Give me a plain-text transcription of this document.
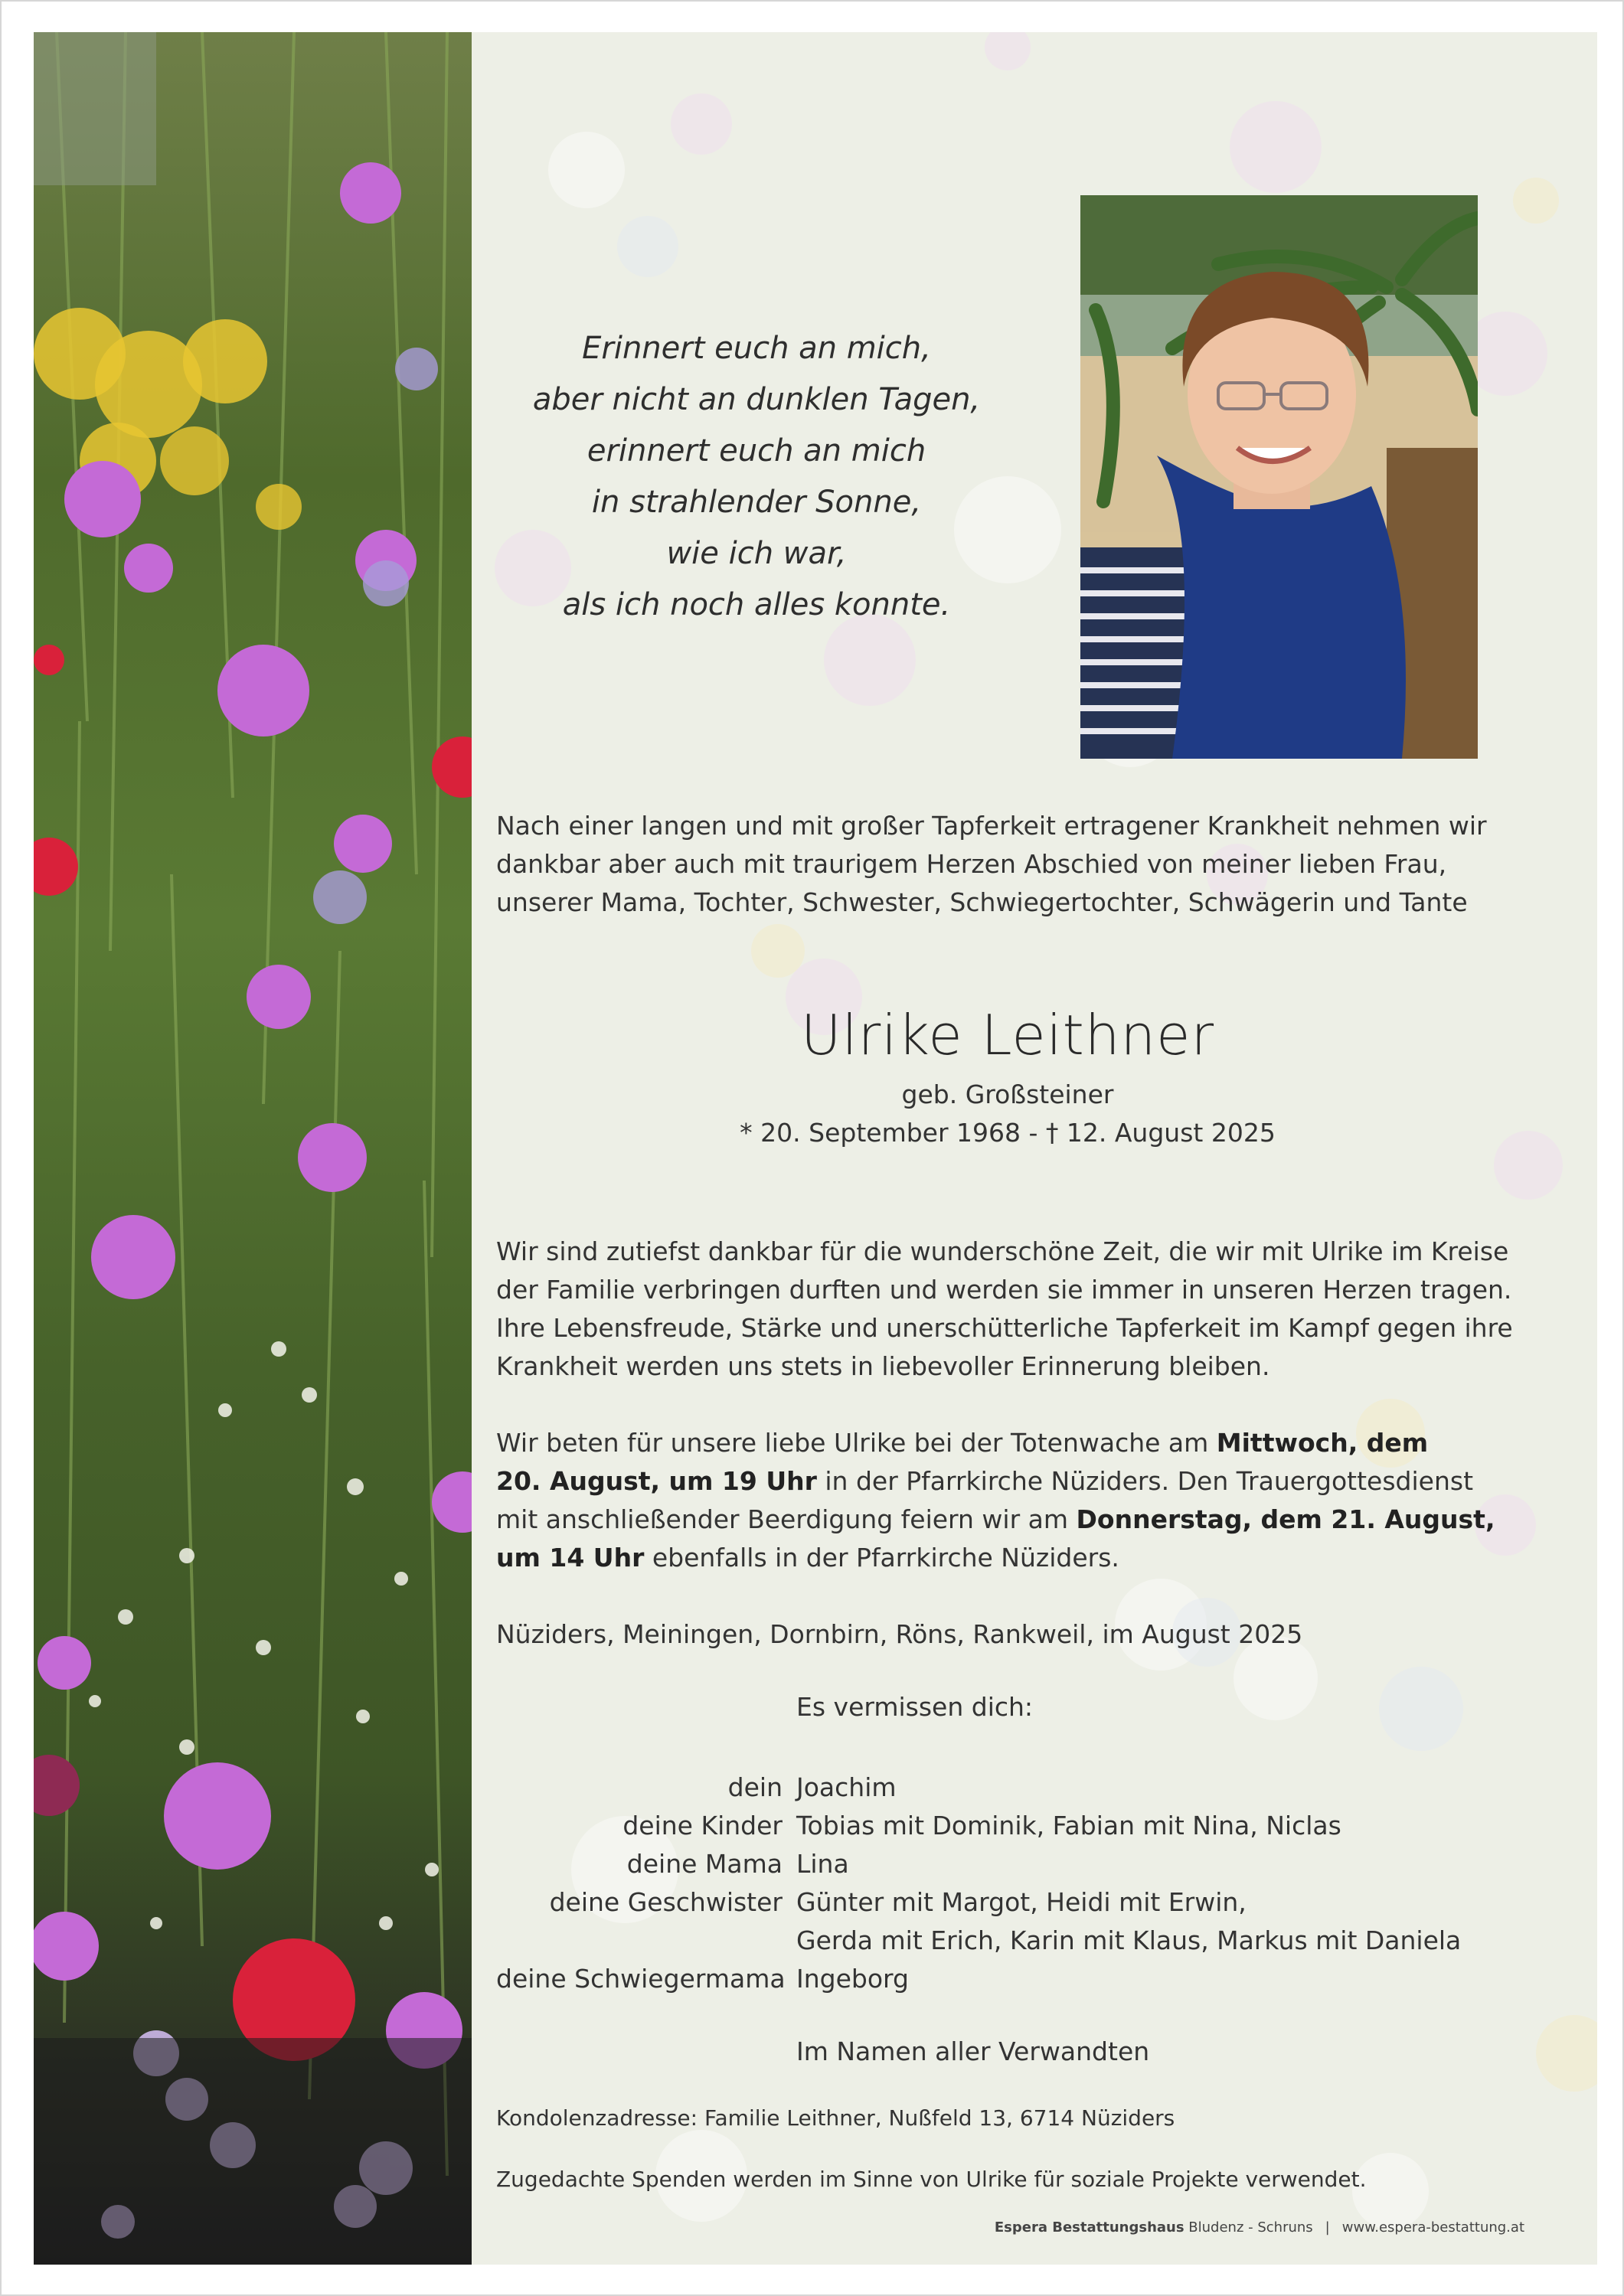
Erinnert euch an mich,
aber nicht an dunklen Tagen,
erinnert euch an mich
in strahlender Sonne,
wie ich war,
als ich noch alles konnte.
Nach einer langen und mit großer Tapferkeit ertragener Krankheit nehmen wir
dankbar aber auch mit traurigem Herzen Abschied von meiner lieben Frau,
unserer Mama, Tochter, Schwester, Schwiegertochter, Schwägerin und Tante
Ulrike Leithner
geb. Großsteiner
* 20. September 1968 - † 12. August 2025
Wir sind zutiefst dankbar für die wunderschöne Zeit, die wir mit Ulrike im Kreise
der Familie verbringen durften und werden sie immer in unseren Herzen tragen.
Ihre Lebensfreude, Stärke und unerschütterliche Tapferkeit im Kampf gegen ihre
Krankheit werden uns stets in liebevoller Erinnerung bleiben.
Wir beten für unsere liebe Ulrike bei der Totenwache am Mittwoch, dem
20. August, um 19 Uhr in der Pfarrkirche Nüziders. Den Trauergottesdienst
mit anschließender Beerdigung feiern wir am Donnerstag, dem 21. August,
um 14 Uhr ebenfalls in der Pfarrkirche Nüziders.
Nüziders, Meiningen, Dornbirn, Röns, Rankweil, im August 2025
Es vermissen dich:
dein Joachim
deine Kinder Tobias mit Dominik, Fabian mit Nina, Niclas
deine Mama Lina
deine Geschwister Günter mit Margot, Heidi mit Erwin,
Gerda mit Erich, Karin mit Klaus, Markus mit Daniela
deine Schwiegermama Ingeborg
Im Namen aller Verwandten
Kondolenzadresse: Familie Leithner, Nußfeld 13, 6714 Nüziders
Zugedachte Spenden werden im Sinne von Ulrike für soziale Projekte verwendet.
Espera Bestattungshaus Bludenz - Schruns | www.espera-bestattung.at
